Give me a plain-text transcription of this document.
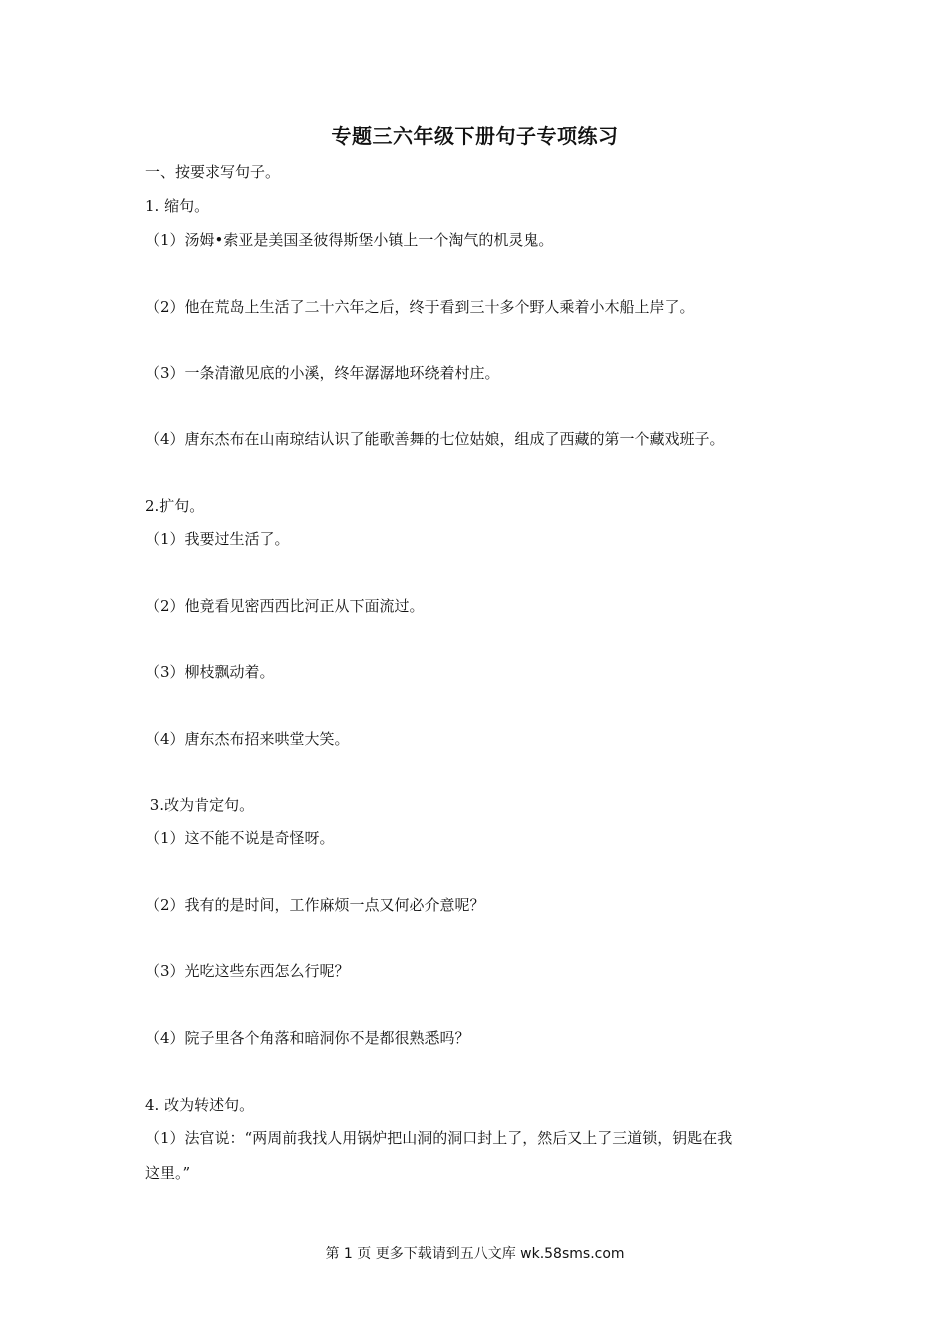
专题三六年级下册句子专项练习
一、按要求写句子。
1. 缩句。
（1）汤姆•索亚是美国圣彼得斯堡小镇上一个淘气的机灵鬼。
（2）他在荒岛上生活了二十六年之后，终于看到三十多个野人乘着小木船上岸了。
（3）一条清澈见底的小溪，终年潺潺地环绕着村庄。
（4）唐东杰布在山南琼结认识了能歌善舞的七位姑娘，组成了西藏的第一个藏戏班子。
2.扩句。
（1）我要过生活了。
（2）他竟看见密西西比河正从下面流过。
（3）柳枝飘动着。
（4）唐东杰布招来哄堂大笑。
3.改为肯定句。
（1）这不能不说是奇怪呀。
（2）我有的是时间，工作麻烦一点又何必介意呢？
（3）光吃这些东西怎么行呢？
（4）院子里各个角落和暗洞你不是都很熟悉吗？
4. 改为转述句。
（1）法官说：“两周前我找人用锅炉把山洞的洞口封上了，然后又上了三道锁，钥匙在我
这里。”
第 1 页 更多下载请到五八文库 wk.58sms.com
